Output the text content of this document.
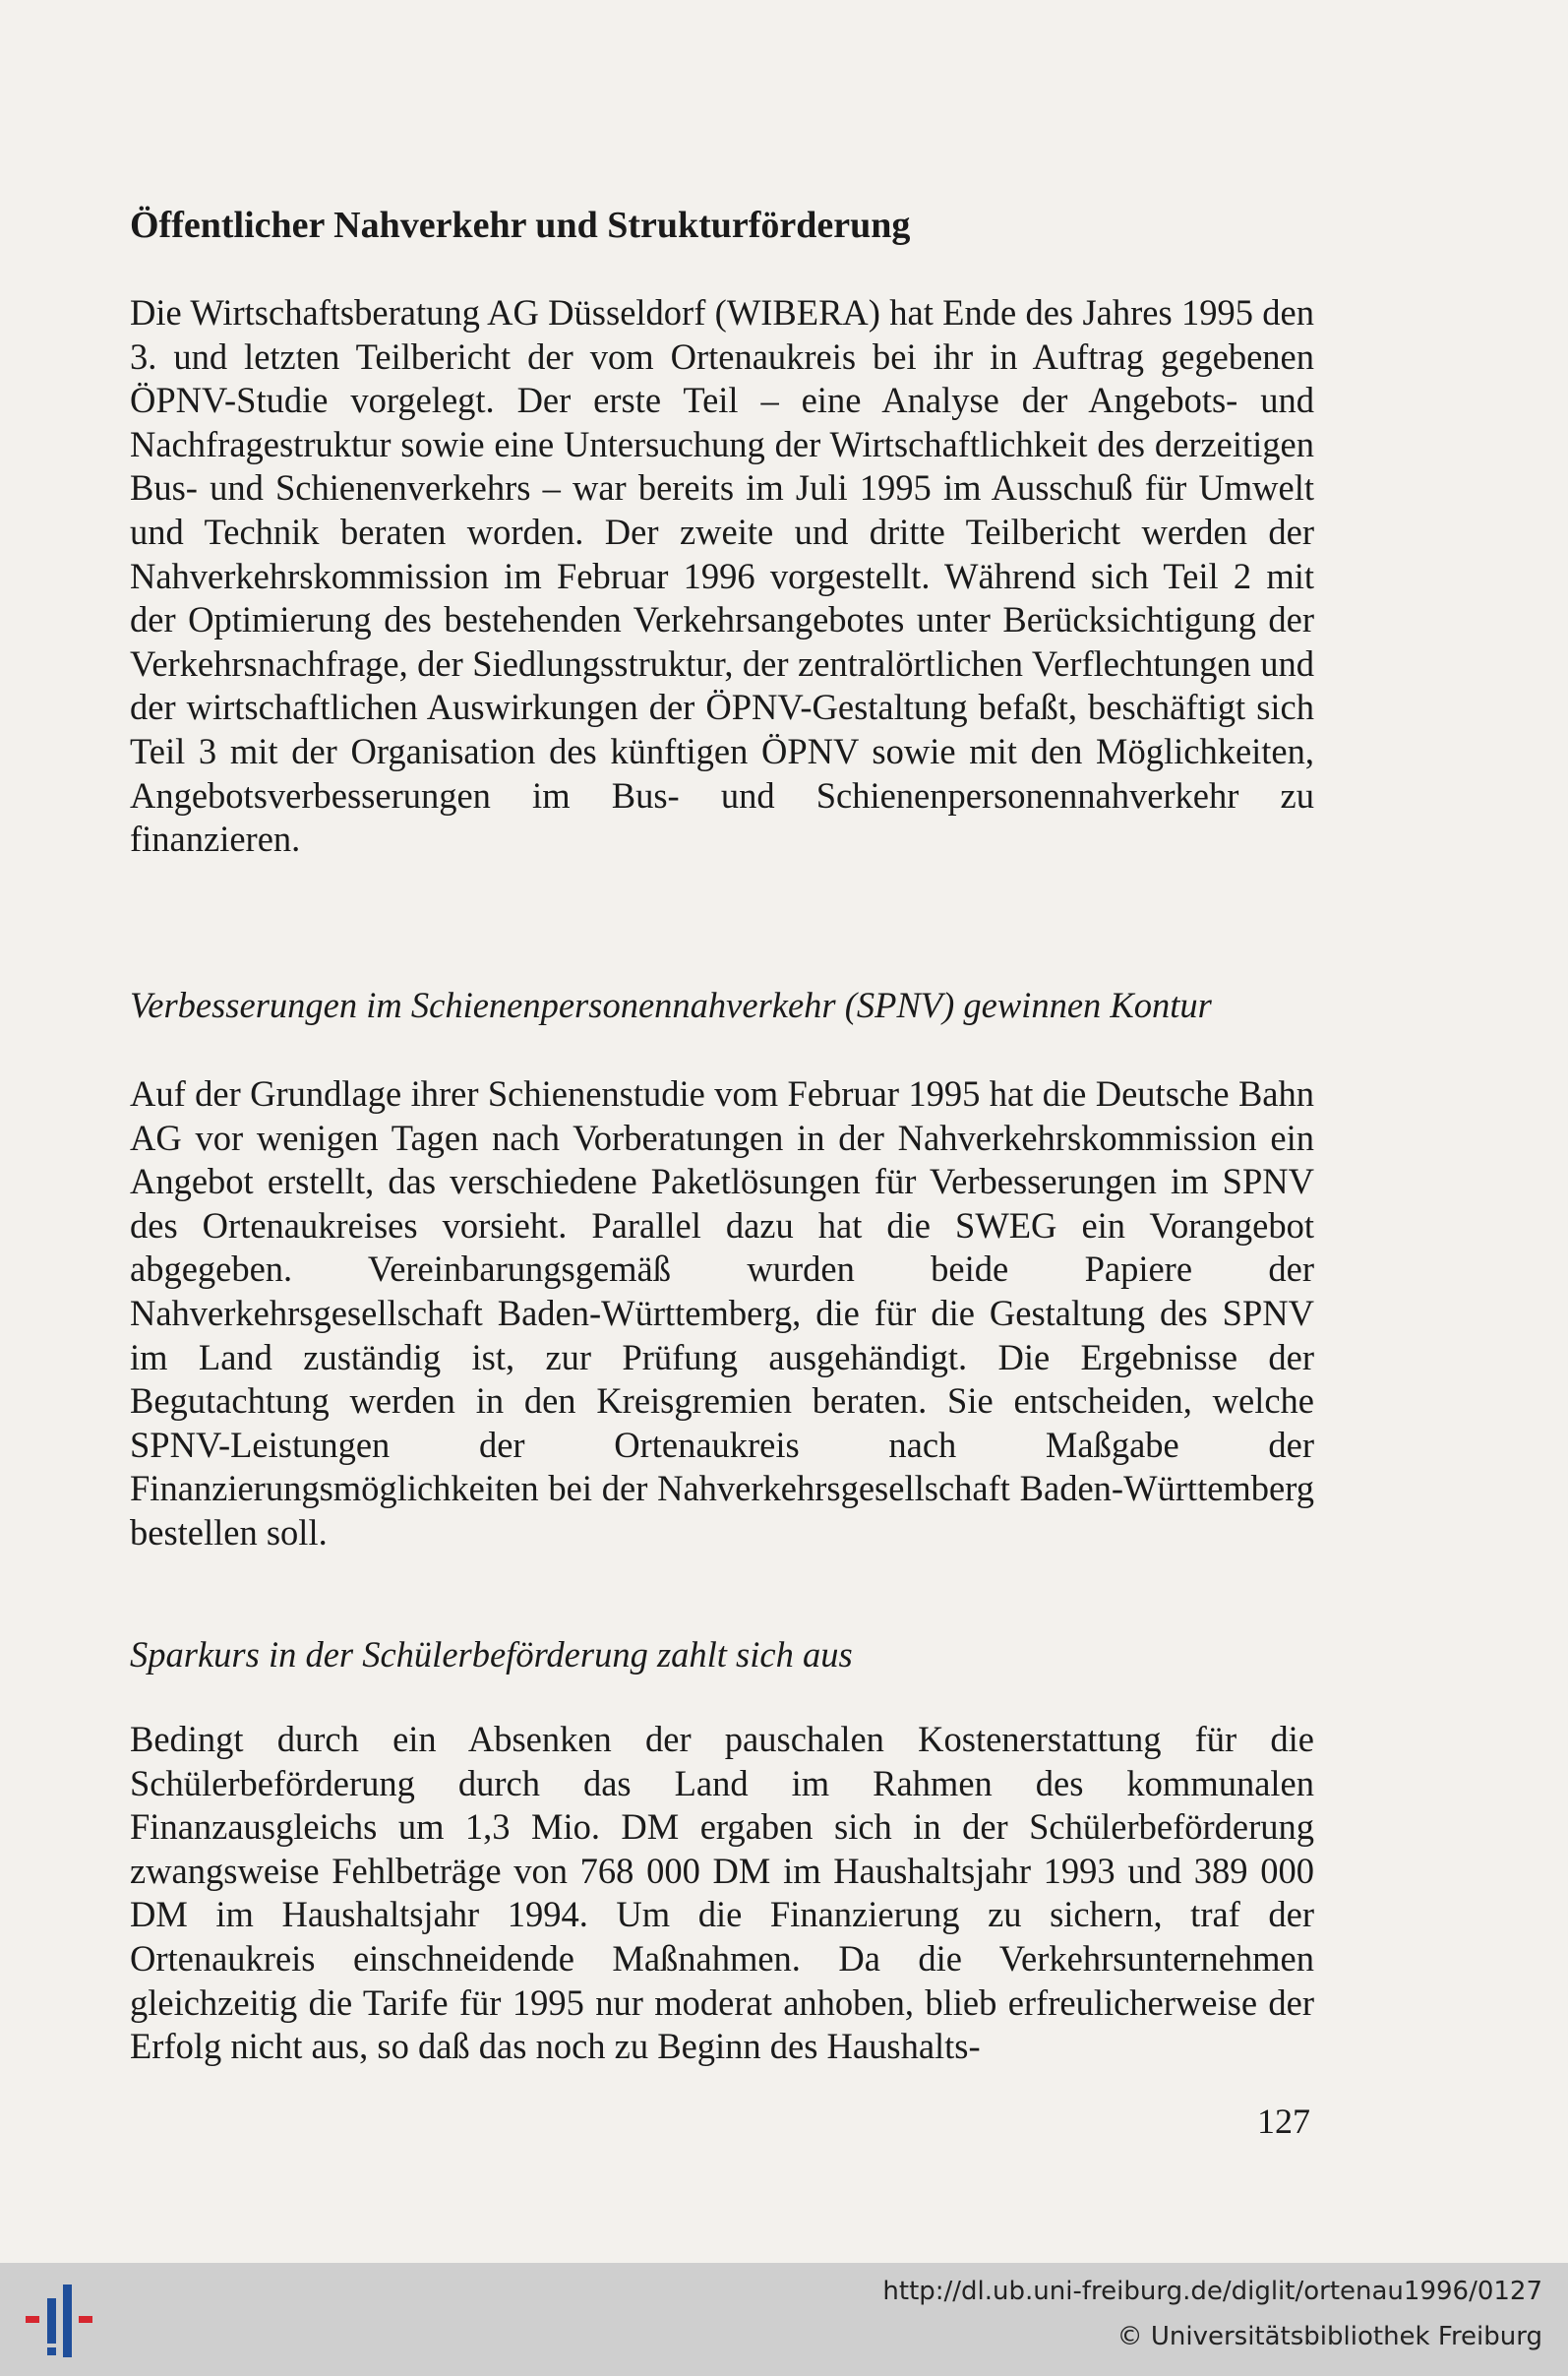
Öffentlicher Nahverkehr und Strukturförderung

Die Wirtschaftsberatung AG Düsseldorf (WIBERA) hat Ende des Jahres 1995 den 3. und letzten Teilbericht der vom Ortenaukreis bei ihr in Auftrag gegebenen ÖPNV-Studie vorgelegt. Der erste Teil – eine Analyse der Angebots- und Nachfragestruktur sowie eine Untersuchung der Wirtschaftlichkeit des derzeitigen Bus- und Schienenverkehrs – war bereits im Juli 1995 im Ausschuß für Umwelt und Technik beraten worden. Der zweite und dritte Teilbericht werden der Nahverkehrskommission im Februar 1996 vorgestellt. Während sich Teil 2 mit der Optimierung des bestehenden Verkehrsangebotes unter Berücksichtigung der Verkehrsnachfrage, der Siedlungsstruktur, der zentralörtlichen Verflechtungen und der wirtschaftlichen Auswirkungen der ÖPNV-Gestaltung befaßt, beschäftigt sich Teil 3 mit der Organisation des künftigen ÖPNV sowie mit den Möglichkeiten, Angebotsverbesserungen im Bus- und Schienenpersonennahverkehr zu finanzieren.

Verbesserungen im Schienenpersonennahverkehr (SPNV) gewinnen Kontur

Auf der Grundlage ihrer Schienenstudie vom Februar 1995 hat die Deutsche Bahn AG vor wenigen Tagen nach Vorberatungen in der Nahverkehrskommission ein Angebot erstellt, das verschiedene Paketlösungen für Verbesserungen im SPNV des Ortenaukreises vorsieht. Parallel dazu hat die SWEG ein Vorangebot abgegeben. Vereinbarungsgemäß wurden beide Papiere der Nahverkehrsgesellschaft Baden-Württemberg, die für die Gestaltung des SPNV im Land zuständig ist, zur Prüfung ausgehändigt. Die Ergebnisse der Begutachtung werden in den Kreisgremien beraten. Sie entscheiden, welche SPNV-Leistungen der Ortenaukreis nach Maßgabe der Finanzierungsmöglichkeiten bei der Nahverkehrsgesellschaft Baden-Württemberg bestellen soll.

Sparkurs in der Schülerbeförderung zahlt sich aus

Bedingt durch ein Absenken der pauschalen Kostenerstattung für die Schülerbeförderung durch das Land im Rahmen des kommunalen Finanzausgleichs um 1,3 Mio. DM ergaben sich in der Schülerbeförderung zwangsweise Fehlbeträge von 768 000 DM im Haushaltsjahr 1993 und 389 000 DM im Haushaltsjahr 1994. Um die Finanzierung zu sichern, traf der Ortenaukreis einschneidende Maßnahmen. Da die Verkehrsunternehmen gleichzeitig die Tarife für 1995 nur moderat anhoben, blieb erfreulicherweise der Erfolg nicht aus, so daß das noch zu Beginn des Haushalts-

127
http://dl.ub.uni-freiburg.de/diglit/ortenau1996/0127
© Universitätsbibliothek Freiburg
